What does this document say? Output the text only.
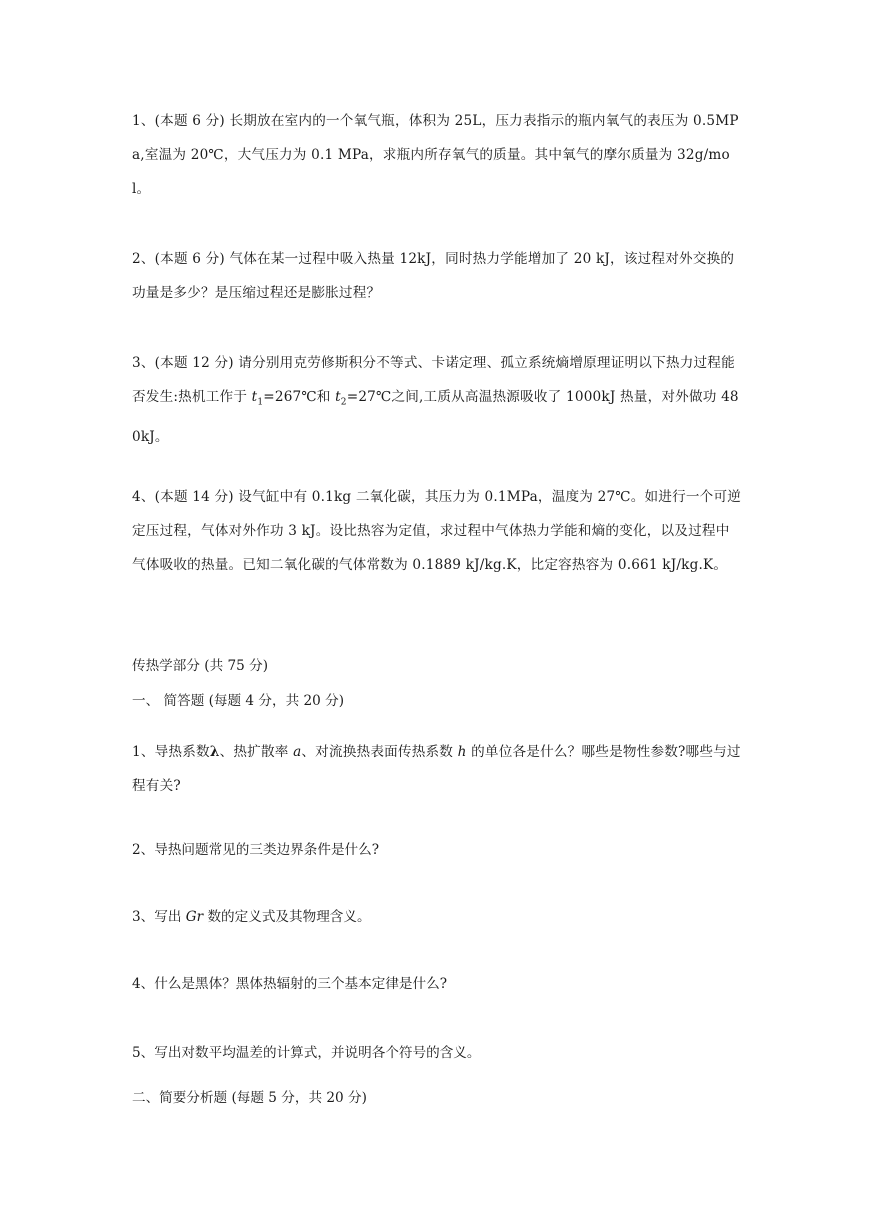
1、(本题 6 分) 长期放在室内的一个氧气瓶，体积为 25L，压力表指示的瓶内氧气的表压为 0.5MPa,室温为 20℃，大气压力为 0.1 MPa，求瓶内所存氧气的质量。其中氧气的摩尔质量为 32g/mol。

2、(本题 6 分) 气体在某一过程中吸入热量 12kJ，同时热力学能增加了 20 kJ，该过程对外交换的功量是多少？是压缩过程还是膨胀过程？

3、(本题 12 分) 请分别用克劳修斯积分不等式、卡诺定理、孤立系统熵增原理证明以下热力过程能否发生:热机工作于 $t_1=267℃$和 $t_2=27℃$之间,工质从高温热源吸收了 1000kJ 热量，对外做功 480kJ。

4、(本题 14 分) 设气缸中有 0.1kg 二氧化碳，其压力为 0.1MPa，温度为 27℃。如进行一个可逆定压过程，气体对外作功 3 kJ。设比热容为定值，求过程中气体热力学能和熵的变化，以及过程中气体吸收的热量。已知二氧化碳的气体常数为 0.1889 kJ/kg.K，比定容热容为 0.661 kJ/kg.K。

传热学部分 (共 75 分)

一、 简答题 (每题 4 分，共 20 分)

1、导热系数λ、热扩散率 a、对流换热表面传热系数 h 的单位各是什么？哪些是物性参数?哪些与过程有关?

2、导热问题常见的三类边界条件是什么?

3、写出 Gr 数的定义式及其物理含义。

4、什么是黑体？黑体热辐射的三个基本定律是什么?

5、写出对数平均温差的计算式，并说明各个符号的含义。

二、简要分析题 (每题 5 分，共 20 分)
